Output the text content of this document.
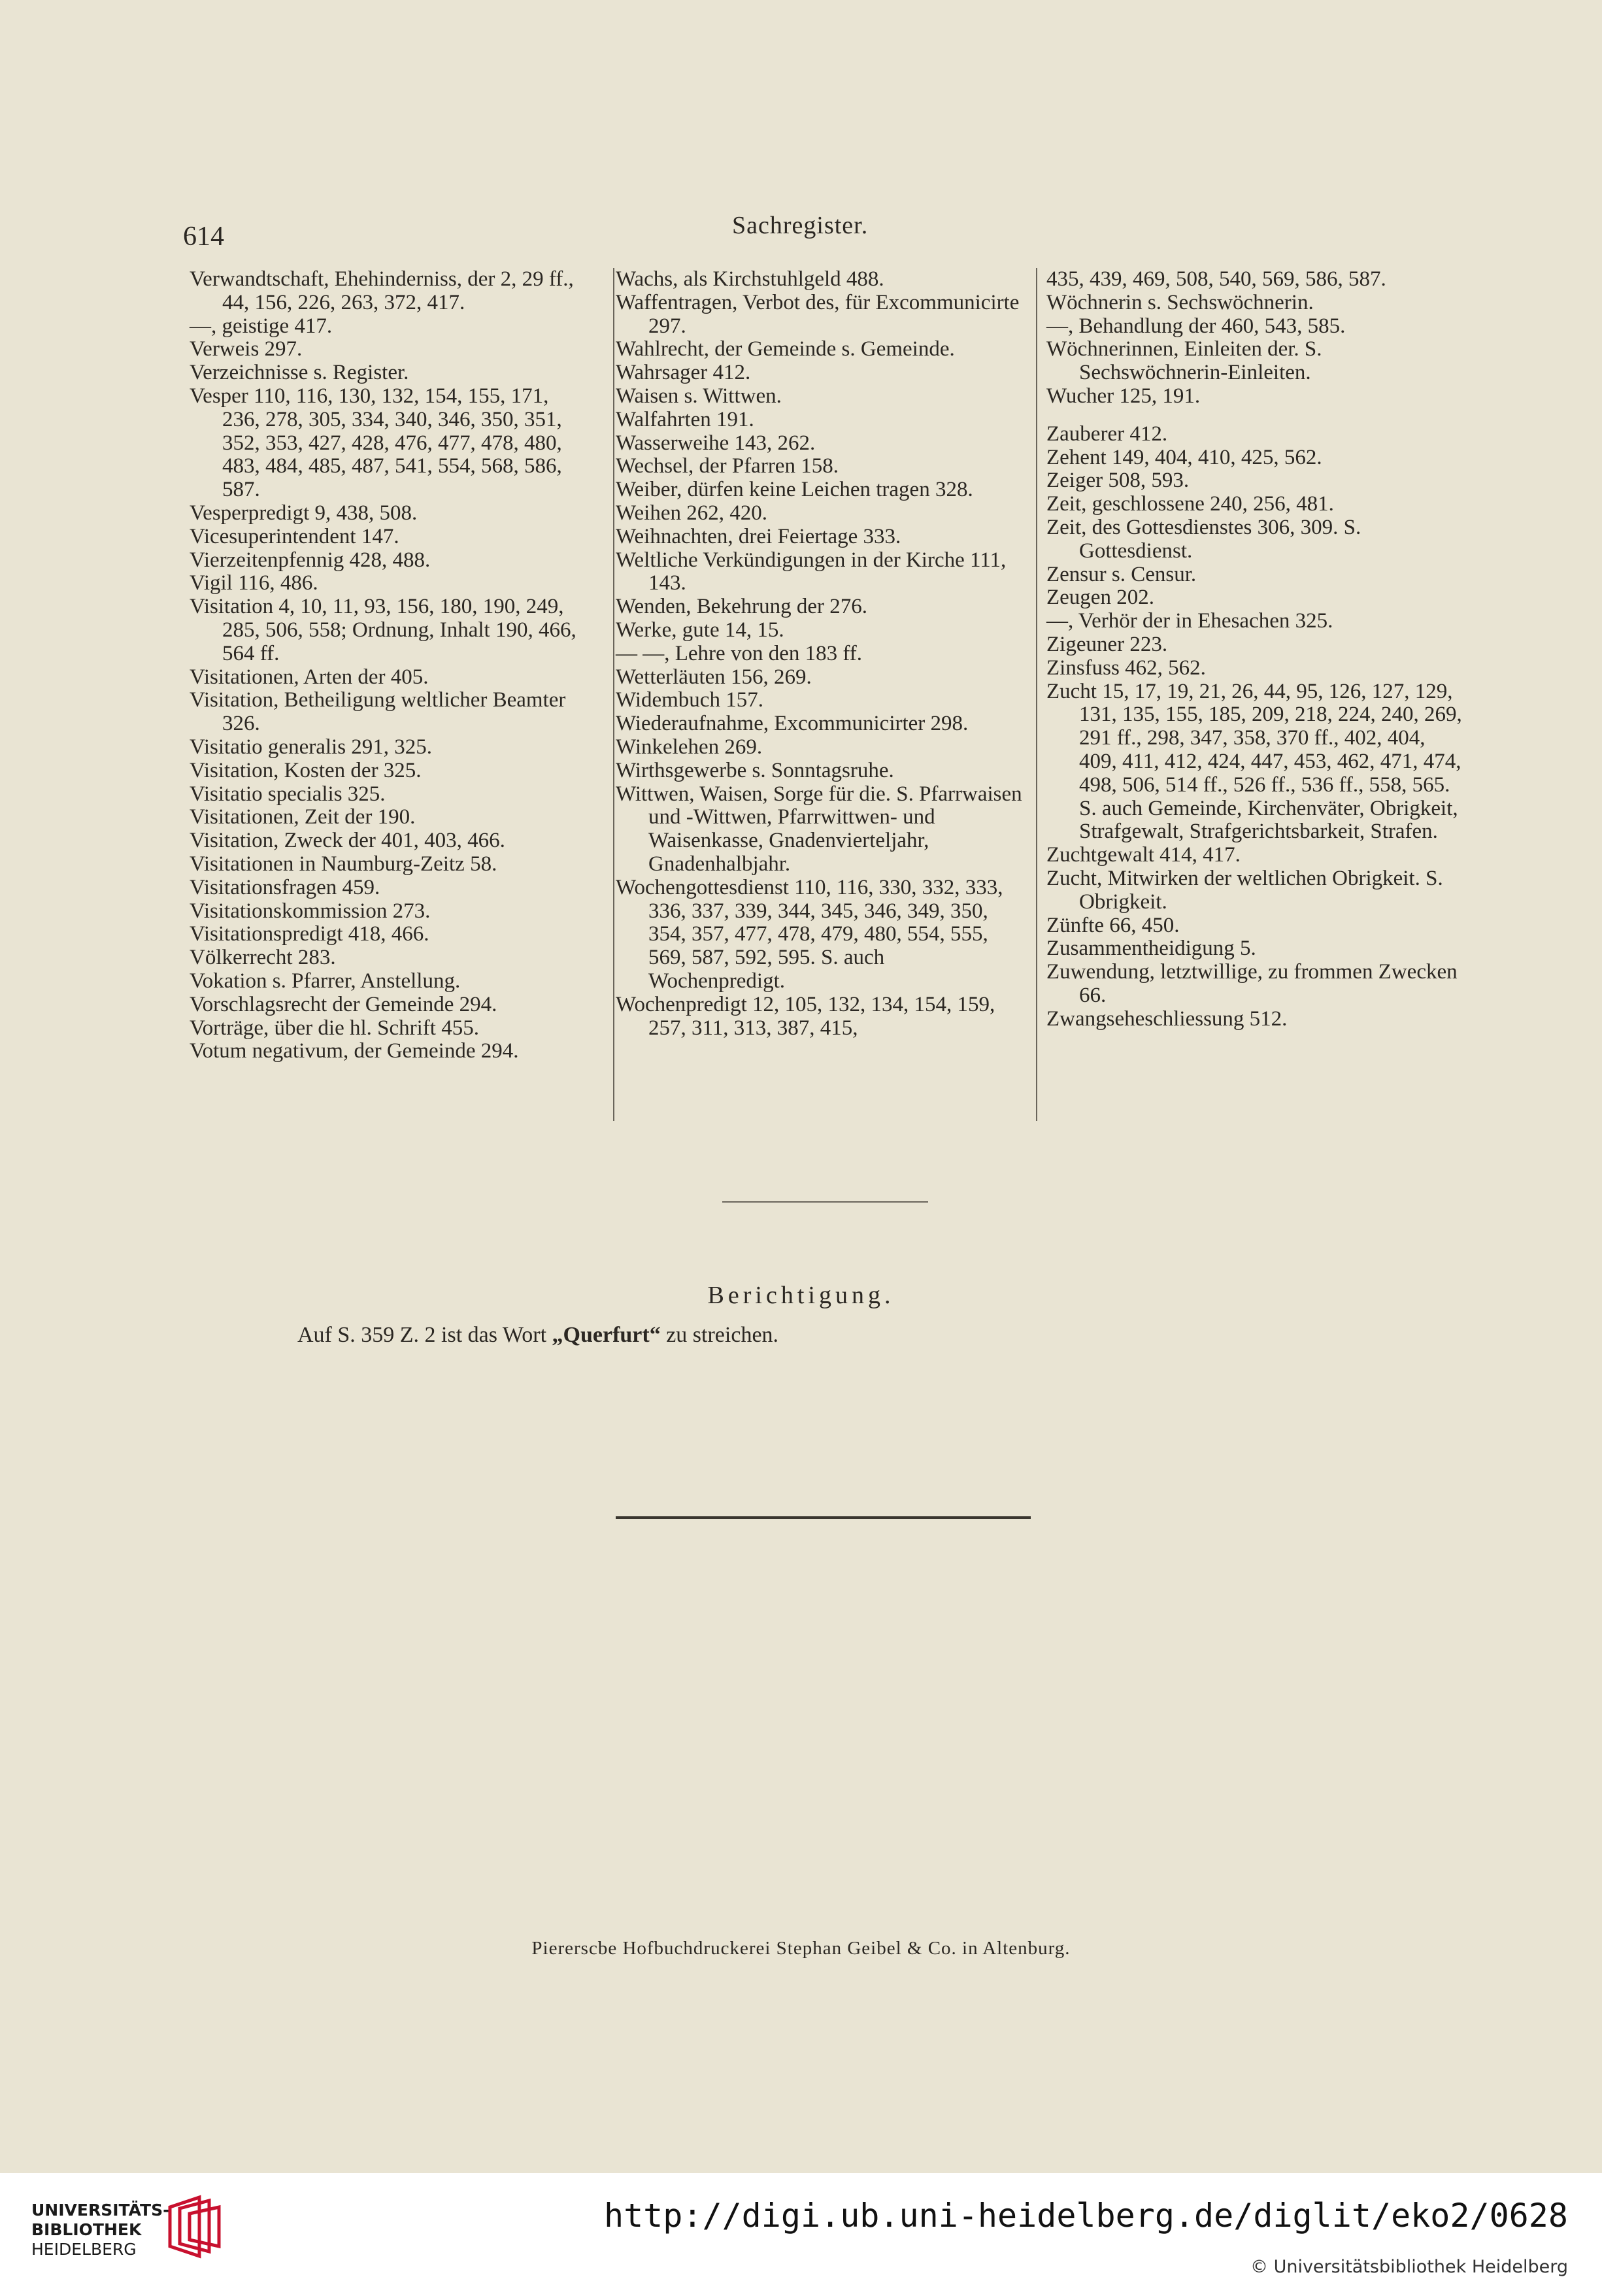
614	Sachregister.

Verwandtschaft, Ehehinderniss, der 2, 29 ff., 44, 156, 226, 263, 372, 417.

—, geistige 417.

Verweis 297.

Verzeichnisse s. Register.

Vesper 110, 116, 130, 132, 154, 155, 171, 236, 278, 305, 334, 340, 346, 350, 351, 352, 353, 427, 428, 476, 477, 478, 480, 483, 484, 485, 487, 541, 554, 568, 586, 587.

Vesperpredigt 9, 438, 508.

Vicesuperintendent 147.

Vierzeitenpfennig 428, 488.

Vigil 116, 486.

Visitation 4, 10, 11, 93, 156, 180, 190, 249, 285, 506, 558; Ordnung, Inhalt 190, 466, 564 ff.

Visitationen, Arten der 405.

Visitation, Betheiligung weltlicher Beamter 326.

Visitatio generalis 291, 325.

Visitation, Kosten der 325.

Visitatio specialis 325.

Visitationen, Zeit der 190.

Visitation, Zweck der 401, 403, 466.

Visitationen in Naumburg-Zeitz 58.

Visitationsfragen 459.

Visitationskommission 273.

Visitationspredigt 418, 466.

Völkerrecht 283.

Vokation s. Pfarrer, Anstellung.

Vorschlagsrecht der Gemeinde 294.

Vorträge, über die hl. Schrift 455.

Votum negativum, der Gemeinde 294.

Wachs, als Kirchstuhlgeld 488.

Waffentragen, Verbot des, für Excommunicirte 297.

Wahlrecht, der Gemeinde s. Gemeinde.

Wahrsager 412.

Waisen s. Wittwen.

Walfahrten 191.

Wasserweihe 143, 262.

Wechsel, der Pfarren 158.

Weiber, dürfen keine Leichen tragen 328.

Weihen 262, 420.

Weihnachten, drei Feiertage 333.

Weltliche Verkündigungen in der Kirche 111, 143.

Wenden, Bekehrung der 276.

Werke, gute 14, 15.

— —, Lehre von den 183 ff.

Wetterläuten 156, 269.

Widembuch 157.

Wiederaufnahme, Excommunicirter 298.

Winkelehen 269.

Wirthsgewerbe s. Sonntagsruhe.

Wittwen, Waisen, Sorge für die. S. Pfarrwaisen und -Wittwen, Pfarrwittwen- und Waisenkasse, Gnadenvierteljahr, Gnadenhalbjahr.

Wochengottesdienst 110, 116, 330, 332, 333, 336, 337, 339, 344, 345, 346, 349, 350, 354, 357, 477, 478, 479, 480, 554, 555, 569, 587, 592, 595. S. auch Wochenpredigt.

Wochenpredigt 12, 105, 132, 134, 154, 159, 257, 311, 313, 387, 415,

435, 439, 469, 508, 540, 569, 586, 587.

Wöchnerin s. Sechswöchnerin.

—, Behandlung der 460, 543, 585.

Wöchnerinnen, Einleiten der. S. Sechswöchnerin-Einleiten.

Wucher 125, 191.

Zauberer 412.

Zehent 149, 404, 410, 425, 562.

Zeiger 508, 593.

Zeit, geschlossene 240, 256, 481.

Zeit, des Gottesdienstes 306, 309. S. Gottesdienst.

Zensur s. Censur.

Zeugen 202.

—, Verhör der in Ehesachen 325.

Zigeuner 223.

Zinsfuss 462, 562.

Zucht 15, 17, 19, 21, 26, 44, 95, 126, 127, 129, 131, 135, 155, 185, 209, 218, 224, 240, 269, 291 ff., 298, 347, 358, 370 ff., 402, 404, 409, 411, 412, 424, 447, 453, 462, 471, 474, 498, 506, 514 ff., 526 ff., 536 ff., 558, 565. S. auch Gemeinde, Kirchenväter, Obrigkeit, Strafgewalt, Strafgerichtsbarkeit, Strafen.

Zuchtgewalt 414, 417.

Zucht, Mitwirken der weltlichen Obrigkeit. S. Obrigkeit.

Zünfte 66, 450.

Zusammentheidigung 5.

Zuwendung, letztwillige, zu frommen Zwecken 66.

Zwangseheschliessung 512.

Berichtigung.
Auf S. 359 Z. 2 ist das Wort „Querfurt“ zu streichen.
Piererscbe Hofbuchdruckerei Stephan Geibel & Co. in Altenburg.
UNIVERSITÄTS-
BIBLIOTHEK
HEIDELBERG
http://digi.ub.uni-heidelberg.de/diglit/eko2/0628
© Universitätsbibliothek Heidelberg
